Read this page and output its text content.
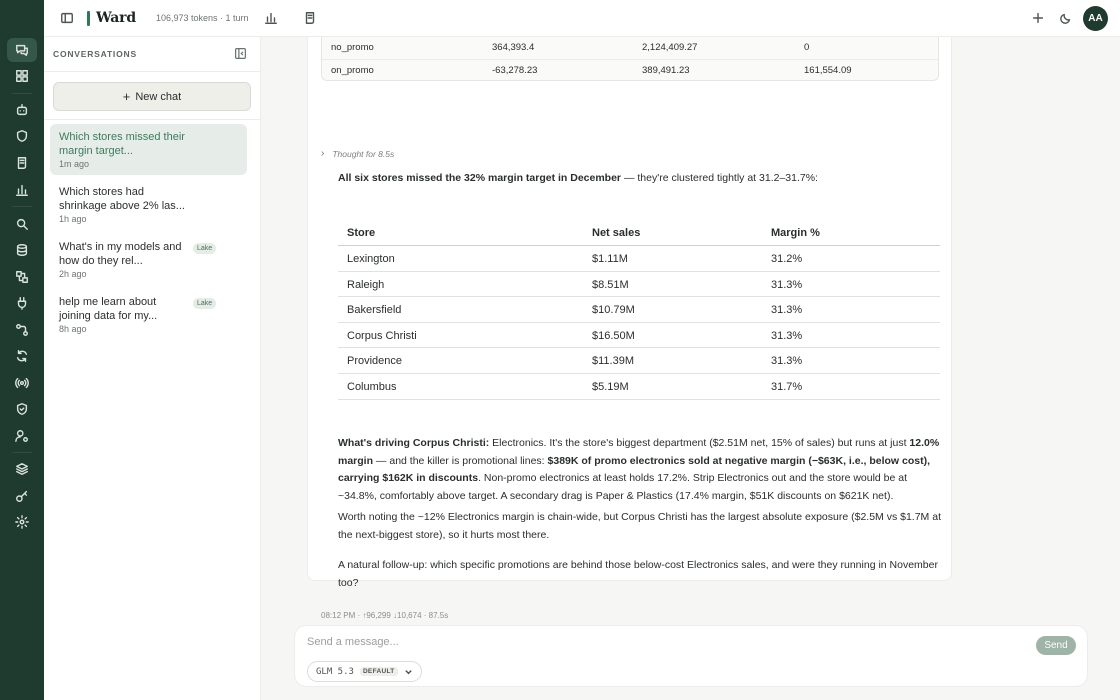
Ward 106,973 tokens · 1 turn	AA
CONVERSATIONS
+ New chat
Which stores missed their margin target...
1m ago
Which stores had shrinkage above 2% las...
1h ago
What's in my models and how do they rel...
2h ago
Lake
help me learn about joining data for my...
8h ago
Lake
no_promo	364,393.4	2,124,409.27	0
on_promo	-63,278.23	389,491.23	161,554.09
› Thought for 8.5s
All six stores missed the 32% margin target in December — they're clustered tightly at 31.2–31.7%:
Store	Net sales	Margin %
Lexington	$1.11M	31.2%
Raleigh	$8.51M	31.3%
Bakersfield	$10.79M	31.3%
Corpus Christi	$16.50M	31.3%
Providence	$11.39M	31.3%
Columbus	$5.19M	31.7%
What's driving Corpus Christi: Electronics. It's the store's biggest department ($2.51M net, 15% of sales) but runs at just 12.0% margin — and the killer is promotional lines: $389K of promo electronics sold at negative margin (−$63K, i.e., below cost), carrying $162K in discounts. Non-promo electronics at least holds 17.2%. Strip Electronics out and the store would be at ~34.8%, comfortably above target. A secondary drag is Paper & Plastics (17.4% margin, $51K discounts on $621K net).
Worth noting the ~12% Electronics margin is chain-wide, but Corpus Christi has the largest absolute exposure ($2.5M vs $1.7M at the next-biggest store), so it hurts most there.
A natural follow-up: which specific promotions are behind those below-cost Electronics sales, and were they running in November too?
08:12 PM · ↑96,299 ↓10,674 · 87.5s
Send a message...
Send
GLM 5.3	DEFAULT
